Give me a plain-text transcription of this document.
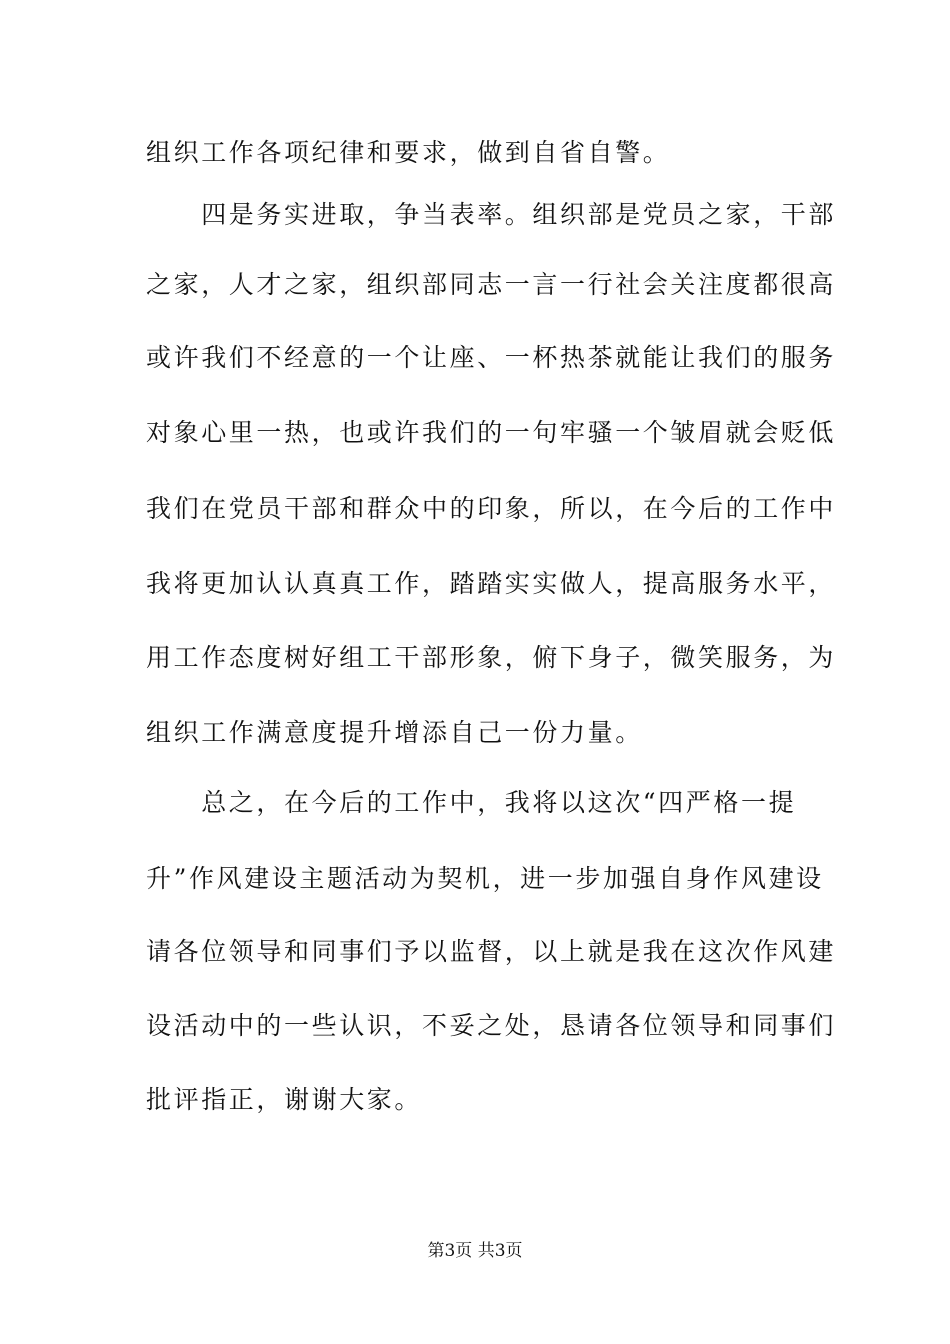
组织工作各项纪律和要求，做到自省自警。
　　四是务实进取，争当表率。组织部是党员之家，干部
之家，人才之家，组织部同志一言一行社会关注度都很高
或许我们不经意的一个让座、一杯热茶就能让我们的服务
对象心里一热，也或许我们的一句牢骚一个皱眉就会贬低
我们在党员干部和群众中的印象，所以，在今后的工作中
我将更加认认真真工作，踏踏实实做人，提高服务水平，
用工作态度树好组工干部形象，俯下身子，微笑服务，为
组织工作满意度提升增添自己一份力量。
　　总之，在今后的工作中，我将以这次“四严格一提
升”作风建设主题活动为契机，进一步加强自身作风建设
请各位领导和同事们予以监督，以上就是我在这次作风建
设活动中的一些认识，不妥之处，恳请各位领导和同事们
批评指正，谢谢大家。
第3页 共3页
